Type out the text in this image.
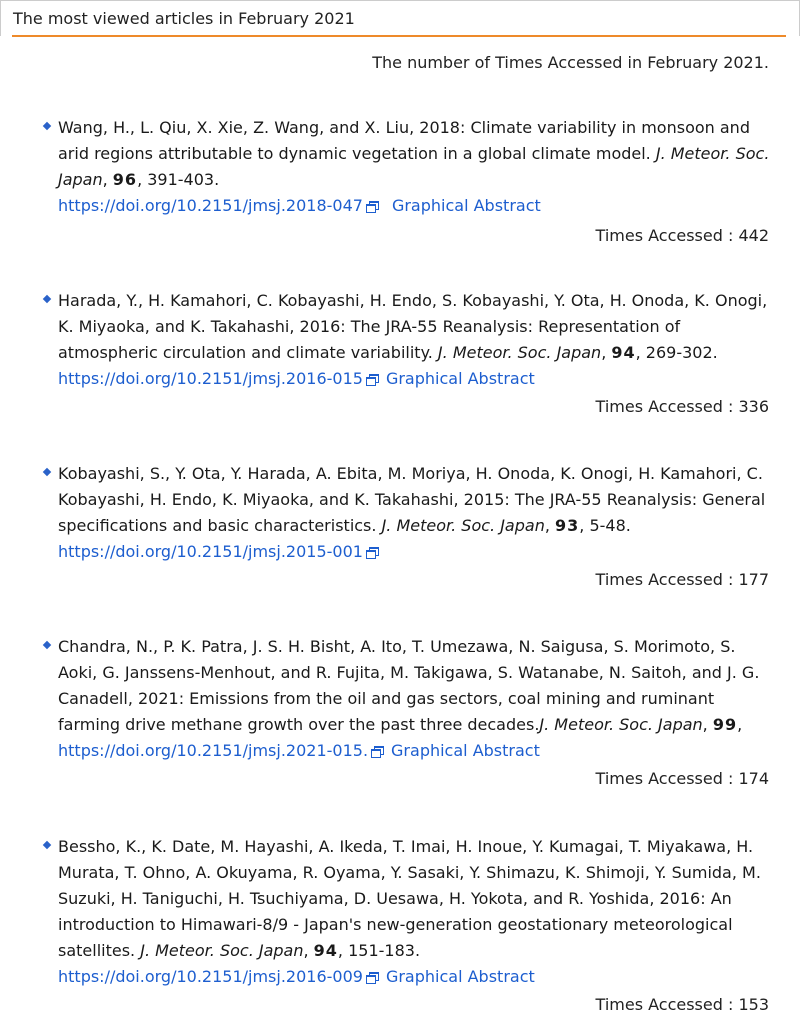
The most viewed articles in February 2021
The number of Times Accessed in February 2021.
Wang, H., L. Qiu, X. Xie, Z. Wang, and X. Liu, 2018: Climate variability in monsoon and arid regions attributable to dynamic vegetation in a global climate model. J. Meteor. Soc. Japan, 96, 391-403.
https://doi.org/10.2151/jmsj.2018-047 Graphical Abstract
Times Accessed : 442
Harada, Y., H. Kamahori, C. Kobayashi, H. Endo, S. Kobayashi, Y. Ota, H. Onoda, K. Onogi, K. Miyaoka, and K. Takahashi, 2016: The JRA-55 Reanalysis: Representation of atmospheric circulation and climate variability. J. Meteor. Soc. Japan, 94, 269-302.
https://doi.org/10.2151/jmsj.2016-015 Graphical Abstract
Times Accessed : 336
Kobayashi, S., Y. Ota, Y. Harada, A. Ebita, M. Moriya, H. Onoda, K. Onogi, H. Kamahori, C. Kobayashi, H. Endo, K. Miyaoka, and K. Takahashi, 2015: The JRA-55 Reanalysis: General specifications and basic characteristics. J. Meteor. Soc. Japan, 93, 5-48.
https://doi.org/10.2151/jmsj.2015-001
Times Accessed : 177
Chandra, N., P. K. Patra, J. S. H. Bisht, A. Ito, T. Umezawa, N. Saigusa, S. Morimoto, S. Aoki, G. Janssens-Menhout, and R. Fujita, M. Takigawa, S. Watanabe, N. Saitoh, and J. G. Canadell, 2021: Emissions from the oil and gas sectors, coal mining and ruminant farming drive methane growth over the past three decades.J. Meteor. Soc. Japan, 99,
https://doi.org/10.2151/jmsj.2021-015. Graphical Abstract
Times Accessed : 174
Bessho, K., K. Date, M. Hayashi, A. Ikeda, T. Imai, H. Inoue, Y. Kumagai, T. Miyakawa, H. Murata, T. Ohno, A. Okuyama, R. Oyama, Y. Sasaki, Y. Shimazu, K. Shimoji, Y. Sumida, M. Suzuki, H. Taniguchi, H. Tsuchiyama, D. Uesawa, H. Yokota, and R. Yoshida, 2016: An introduction to Himawari-8/9 - Japan's new-generation geostationary meteorological satellites. J. Meteor. Soc. Japan, 94, 151-183.
https://doi.org/10.2151/jmsj.2016-009 Graphical Abstract
Times Accessed : 153
